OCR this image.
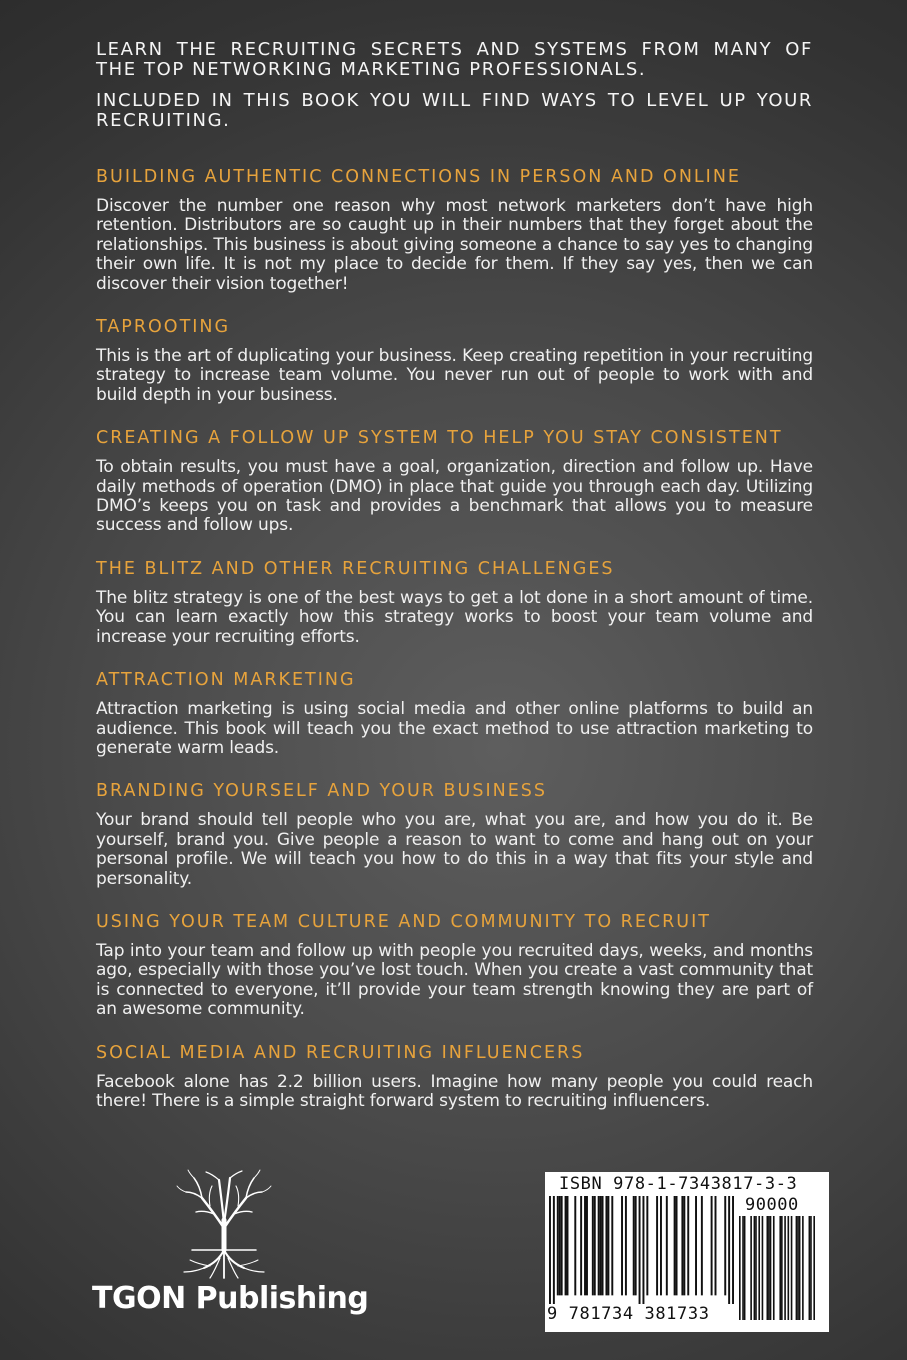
LEARN THE RECRUITING SECRETS AND SYSTEMS FROM MANY OF THE TOP NETWORKING MARKETING PROFESSIONALS.

INCLUDED IN THIS BOOK YOU WILL FIND WAYS TO LEVEL UP YOUR RECRUITING.

BUILDING AUTHENTIC CONNECTIONS IN PERSON AND ONLINE

Discover the number one reason why most network marketers don’t have high retention. Distributors are so caught up in their numbers that they forget about the relationships. This business is about giving someone a chance to say yes to changing their own life. It is not my place to decide for them. If they say yes, then we can discover their vision together!

TAPROOTING

This is the art of duplicating your business. Keep creating repetition in your recruiting strategy to increase team volume. You never run out of people to work with and build depth in your business.

CREATING A FOLLOW UP SYSTEM TO HELP YOU STAY CONSISTENT

To obtain results, you must have a goal, organization, direction and follow up. Have daily methods of operation (DMO) in place that guide you through each day. Utilizing DMO’s keeps you on task and provides a benchmark that allows you to measure success and follow ups.

THE BLITZ AND OTHER RECRUITING CHALLENGES

The blitz strategy is one of the best ways to get a lot done in a short amount of time. You can learn exactly how this strategy works to boost your team volume and increase your recruiting efforts.

ATTRACTION MARKETING

Attraction marketing is using social media and other online platforms to build an audience. This book will teach you the exact method to use attraction marketing to generate warm leads.

BRANDING YOURSELF AND YOUR BUSINESS

Your brand should tell people who you are, what you are, and how you do it. Be yourself, brand you. Give people a reason to want to come and hang out on your personal profile. We will teach you how to do this in a way that fits your style and personality.

USING YOUR TEAM CULTURE AND COMMUNITY TO RECRUIT

Tap into your team and follow up with people you recruited days, weeks, and months ago, especially with those you’ve lost touch. When you create a vast community that is connected to everyone, it’ll provide your team strength knowing they are part of an awesome community.

SOCIAL MEDIA AND RECRUITING INFLUENCERS

Facebook alone has 2.2 billion users. Imagine how many people you could reach there! There is a simple straight forward system to recruiting influencers.

TGON Publishing
ISBN 978-1-7343817-3-3
90000
9 781734 381733
